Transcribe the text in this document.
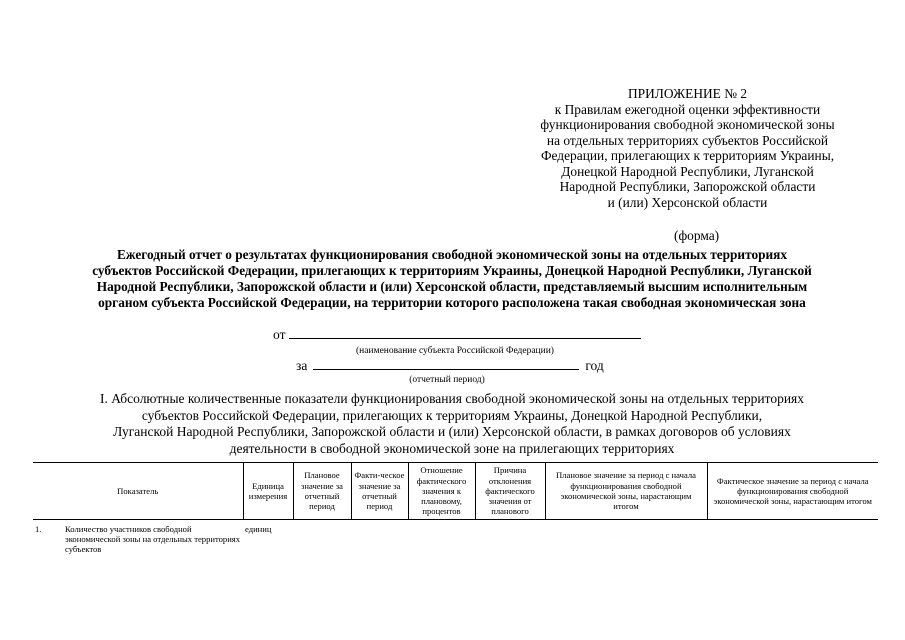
ПРИЛОЖЕНИЕ № 2
к Правилам ежегодной оценки эффективности
функционирования свободной экономической зоны
на отдельных территориях субъектов Российской
Федерации, прилегающих к территориям Украины,
Донецкой Народной Республики, Луганской
Народной Республики, Запорожской области
и (или) Херсонской области
(форма)
Ежегодный отчет о результатах функционирования свободной экономической зоны на отдельных территориях
субъектов Российской Федерации, прилегающих к территориям Украины, Донецкой Народной Республики, Луганской
Народной Республики, Запорожской области и (или) Херсонской области, представляемый высшим исполнительным
органом субъекта Российской Федерации, на территории которого расположена такая свободная экономическая зона
от
(наименование субъекта Российской Федерации)
за	год
(отчетный период)
I. Абсолютные количественные показатели функционирования свободной экономической зоны на отдельных территориях
субъектов Российской Федерации, прилегающих к территориям Украины, Донецкой Народной Республики,
Луганской Народной Республики, Запорожской области и (или) Херсонской области, в рамках договоров об условиях
деятельности в свободной экономической зоне на прилегающих территориях
Показатель	Единица измерения	Плановое значение за отчетный период	Факти-ческое значение за отчетный период	Отношение фактического значения к плановому, процентов	Причина отклонения фактического значения от планового	Плановое значение за период с начала функционирования свободной экономической зоны, нарастающим итогом	Фактическое значение за период с начала функционирования свободной экономической зоны, нарастающим итогом

1. Количество участников свободной экономической зоны на отдельных территориях субъектов	единиц						
